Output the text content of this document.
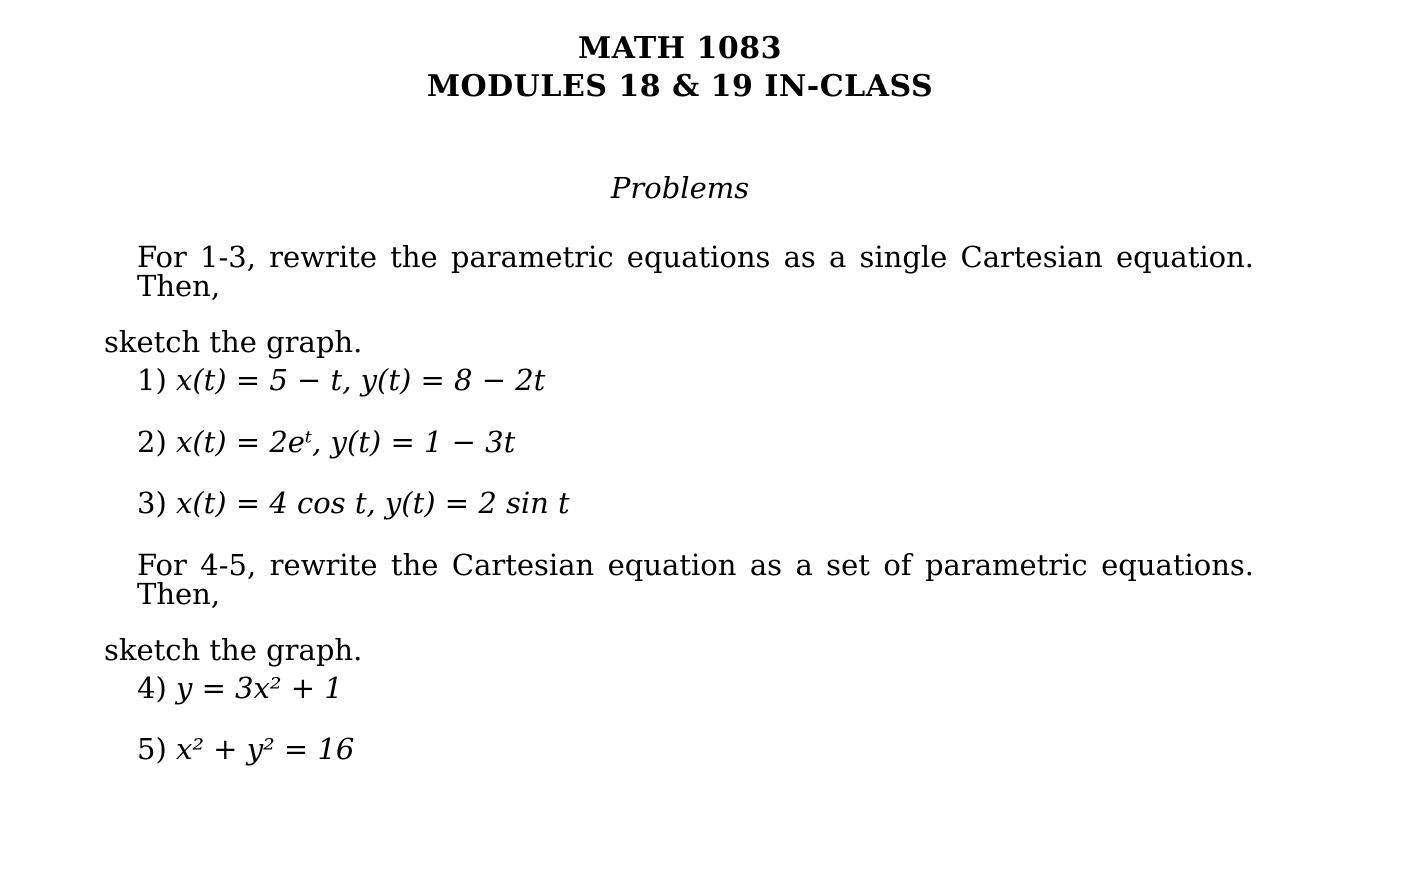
MATH 1083
MODULES 18 & 19 IN-CLASS
Problems
For 1-3, rewrite the parametric equations as a single Cartesian equation. Then,
sketch the graph.
1) x(t) = 5 − t, y(t) = 8 − 2t
2) x(t) = 2eᵗ, y(t) = 1 − 3t
3) x(t) = 4 cos t, y(t) = 2 sin t
For 4-5, rewrite the Cartesian equation as a set of parametric equations. Then,
sketch the graph.
4) y = 3x² + 1
5) x² + y² = 16
